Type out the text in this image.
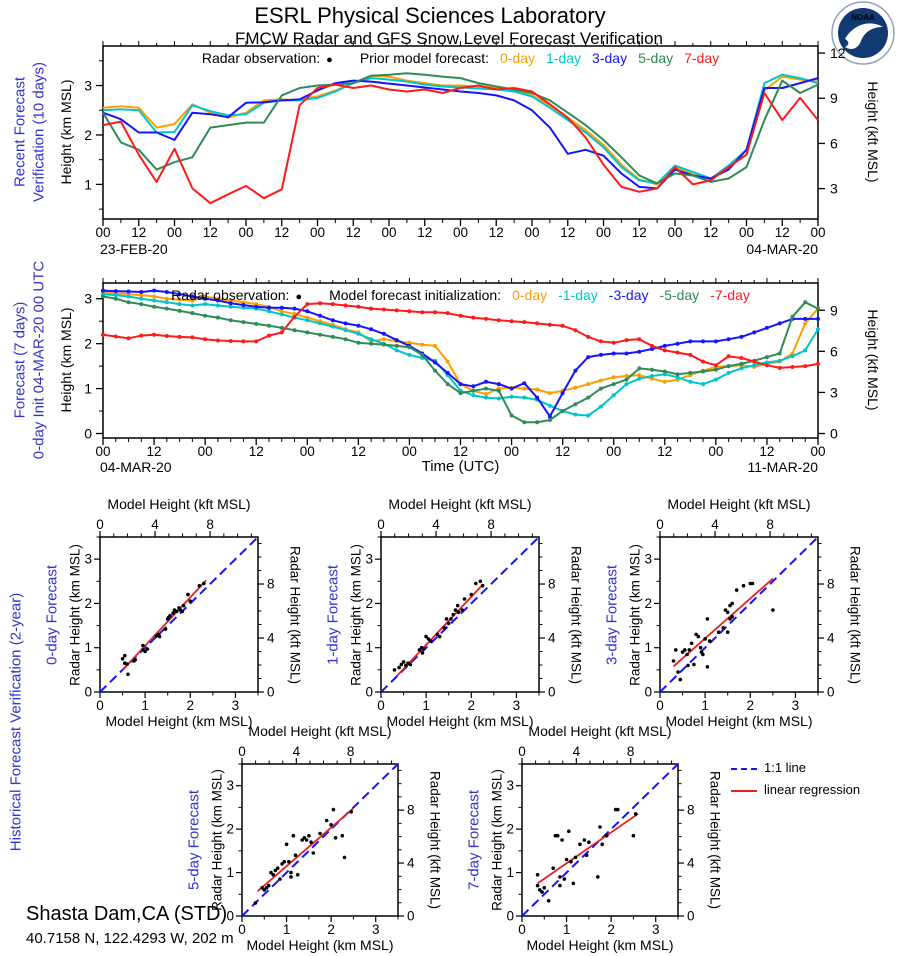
ESRL Physical Sciences Laboratory
FMCW Radar and GFS Snow Level Forecast Verification
NOAA
00 12 00 12 00 12 00 12 00 12 00 12 00 12 00 12 00 12 00 12 00
1
2
3
3
6
9
12
00	12	00	12	00	12	00	12	00	12	00	12	00	12	00
0
1
2
3
0
3
6
9
0
0
1
1
2
2
3
3
0
0
4
4
8
8
0
0
1
1
2
2
3
3
0
0
4
4
8
8
0
0
1
1
2
2
3
3
0
0
4
4
8
8
0
0
1
1
2
2
3
3
0
0
4
4
8
8
0
0
1
1
2
2
3
3
0
0
4
4
8
8
Radar observation: ● Prior model forecast: 0-day 1-day 3-day 5-day 7-day
Recent Forecast Verification (10 days) Height (km MSL)	Height (kft MSL)
23-FEB-20	04-MAR-20
Radar observation: ● Model forecast initialization: 0-day -1-day -3-day -5-day -7-day
Forecast (7 days) 0-day Init 04-MAR-20 00 UTC Height (km MSL)	Height (kft MSL)
04-MAR-20	11-MAR-20
Time (UTC)
Historical Forecast Verification (2-year)	1:1 line
linear regression
Shasta Dam,CA (STD)
40.7158 N, 122.4293 W, 202 m
Model Height (kft MSL)
Model Height (km MSL)
0-day Forecast Radar Height (km MSL)	Radar Height (kft MSL)
Model Height (kft MSL)
Model Height (km MSL)
1-day Forecast Radar Height (km MSL)	Radar Height (kft MSL)
Model Height (kft MSL)
Model Height (km MSL)
3-day Forecast Radar Height (km MSL)	Radar Height (kft MSL)
Model Height (kft MSL)
Model Height (km MSL)
5-day Forecast Radar Height (km MSL)	Radar Height (kft MSL)
Model Height (kft MSL)
Model Height (km MSL)
7-day Forecast Radar Height (km MSL)	Radar Height (kft MSL)
